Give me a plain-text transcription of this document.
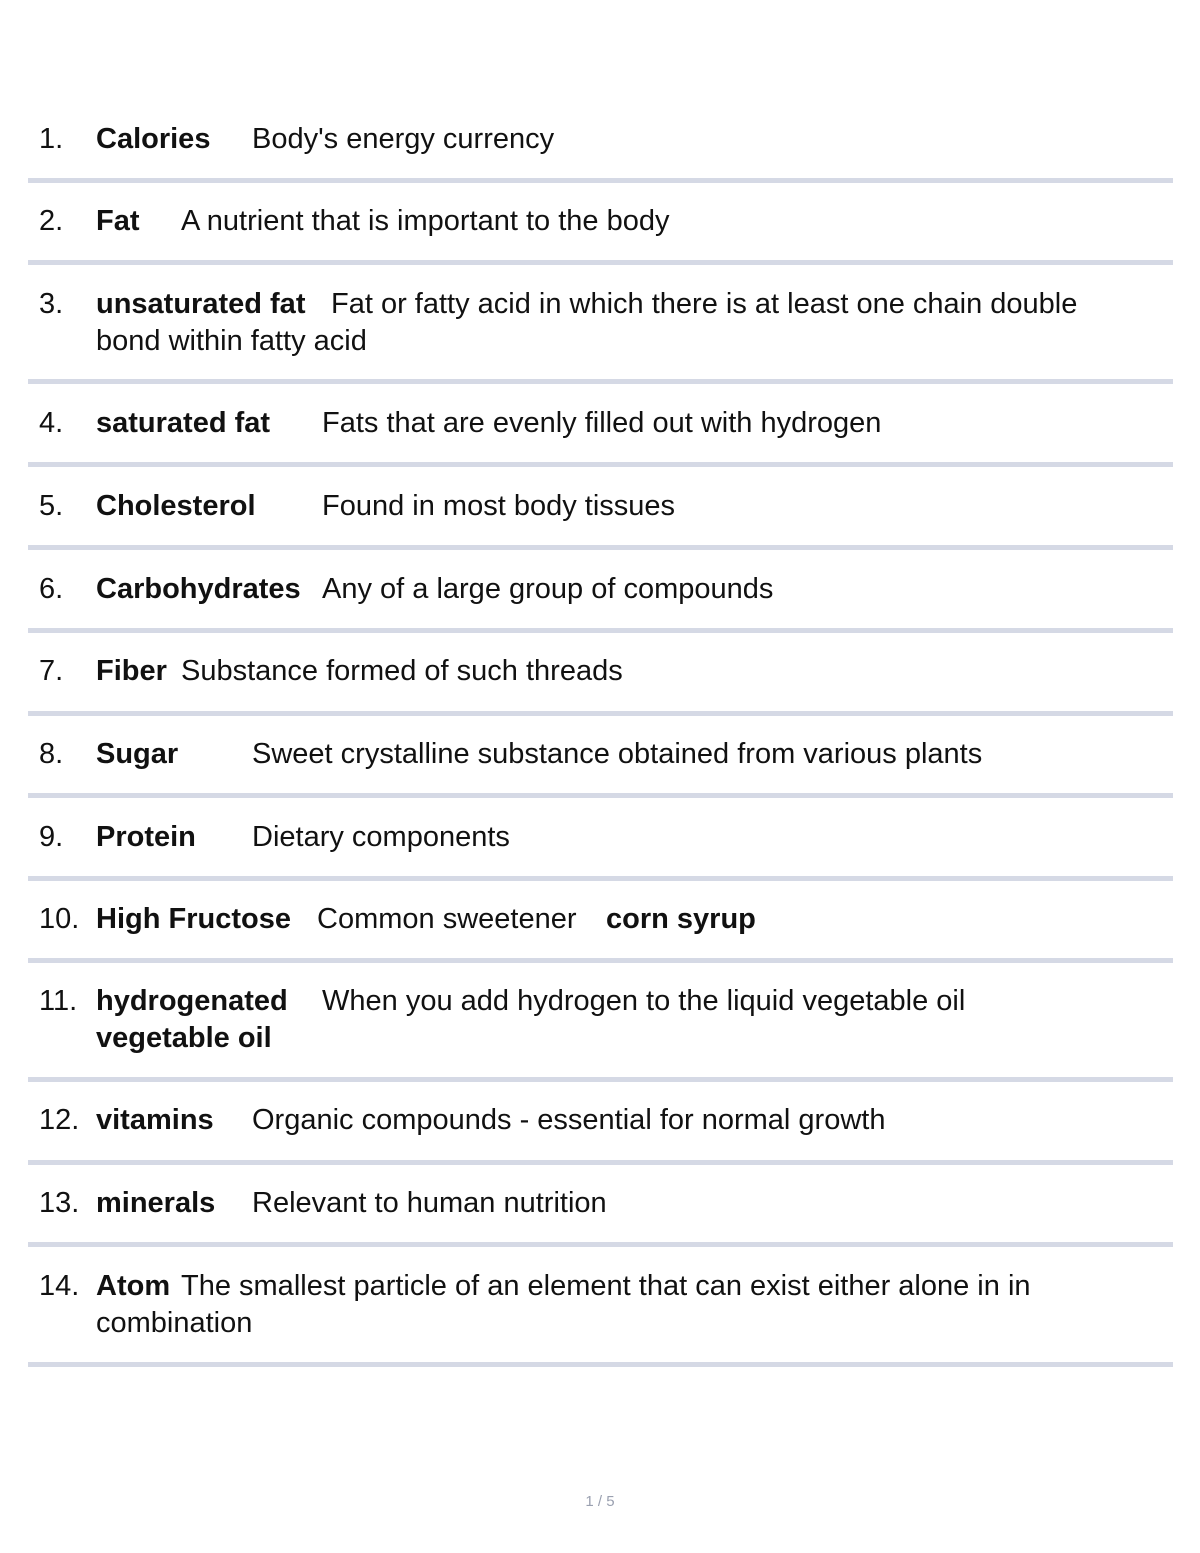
1. Calories Body's energy currency
2. Fat A nutrient that is important to the body
3. unsaturated fat Fat or fatty acid in which there is at least one chain double
bond within fatty acid
4. saturated fat Fats that are evenly filled out with hydrogen
5. Cholesterol Found in most body tissues
6. Carbohydrates Any of a large group of compounds
7. Fiber Substance formed of such threads
8. Sugar	Sweet crystalline substance obtained from various plants
9. Protein Dietary components
10. High Fructose Common sweetener corn syrup
11. hydrogenated When you add hydrogen to the liquid vegetable oil
vegetable oil
12. vitamins Organic compounds - essential for normal growth
13. minerals Relevant to human nutrition
14. Atom The smallest particle of an element that can exist either alone in in
combination
1 / 5
